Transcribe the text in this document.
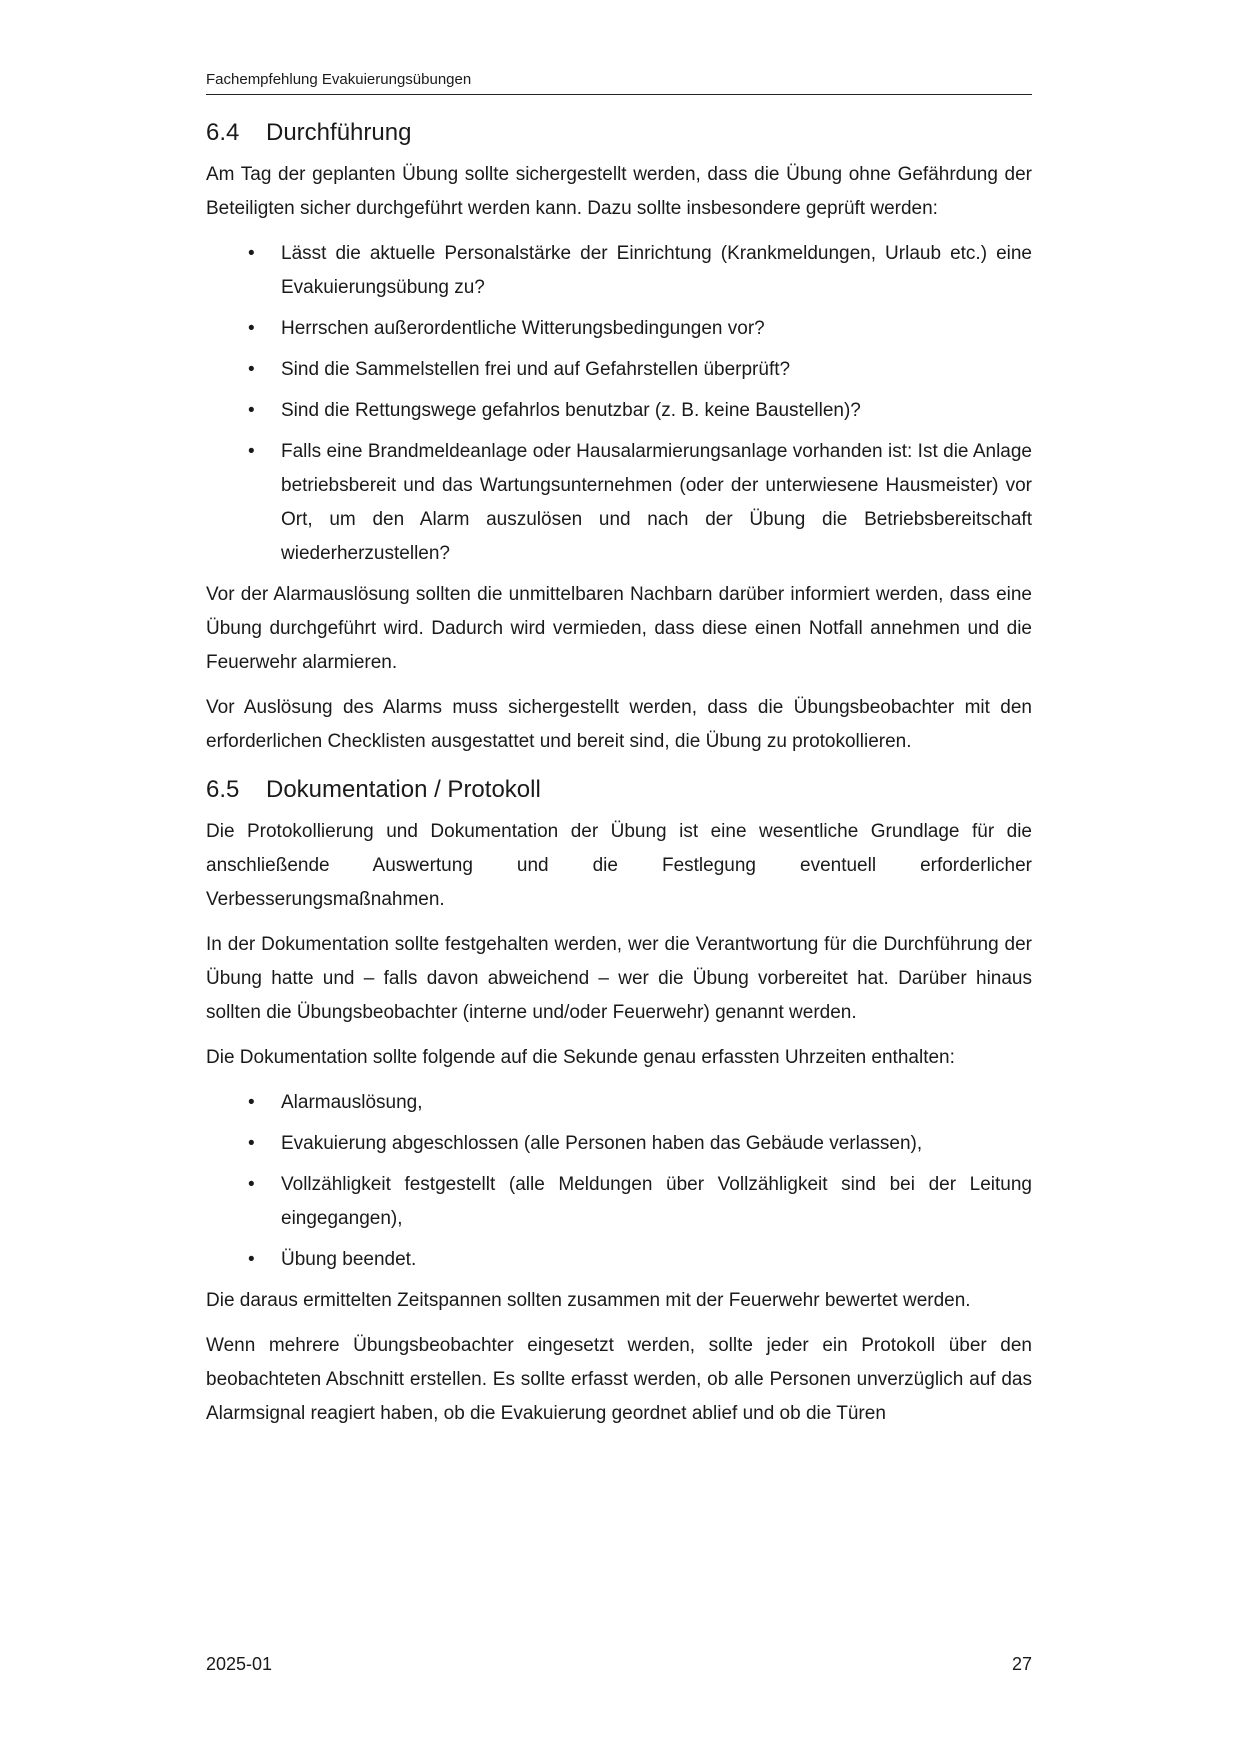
Fachempfehlung Evakuierungsübungen
6.4 Durchführung

Am Tag der geplanten Übung sollte sichergestellt werden, dass die Übung ohne Gefährdung der Beteiligten sicher durchgeführt werden kann. Dazu sollte insbesondere geprüft werden:

• Lässt die aktuelle Personalstärke der Einrichtung (Krankmeldungen, Urlaub etc.) eine Evakuierungsübung zu?
• Herrschen außerordentliche Witterungsbedingungen vor?
• Sind die Sammelstellen frei und auf Gefahrstellen überprüft?
• Sind die Rettungswege gefahrlos benutzbar (z. B. keine Baustellen)?
• Falls eine Brandmeldeanlage oder Hausalarmierungsanlage vorhanden ist: Ist die Anlage betriebsbereit und das Wartungsunternehmen (oder der unterwiesene Hausmeister) vor Ort, um den Alarm auszulösen und nach der Übung die Betriebsbereitschaft wiederherzustellen?

Vor der Alarmauslösung sollten die unmittelbaren Nachbarn darüber informiert werden, dass eine Übung durchgeführt wird. Dadurch wird vermieden, dass diese einen Notfall annehmen und die Feuerwehr alarmieren.

Vor Auslösung des Alarms muss sichergestellt werden, dass die Übungsbeobachter mit den erforderlichen Checklisten ausgestattet und bereit sind, die Übung zu protokollieren.

6.5 Dokumentation / Protokoll

Die Protokollierung und Dokumentation der Übung ist eine wesentliche Grundlage für die anschließende Auswertung und die Festlegung eventuell erforderlicher Verbesserungsmaßnahmen.

In der Dokumentation sollte festgehalten werden, wer die Verantwortung für die Durchführung der Übung hatte und – falls davon abweichend – wer die Übung vorbereitet hat. Darüber hinaus sollten die Übungsbeobachter (interne und/oder Feuerwehr) genannt werden.

Die Dokumentation sollte folgende auf die Sekunde genau erfassten Uhrzeiten enthalten:

• Alarmauslösung,
• Evakuierung abgeschlossen (alle Personen haben das Gebäude verlassen),
• Vollzähligkeit festgestellt (alle Meldungen über Vollzähligkeit sind bei der Leitung eingegangen),
• Übung beendet.

Die daraus ermittelten Zeitspannen sollten zusammen mit der Feuerwehr bewertet werden.

Wenn mehrere Übungsbeobachter eingesetzt werden, sollte jeder ein Protokoll über den beobachteten Abschnitt erstellen. Es sollte erfasst werden, ob alle Personen unverzüglich auf das Alarmsignal reagiert haben, ob die Evakuierung geordnet ablief und ob die Türen

2025-01	27
